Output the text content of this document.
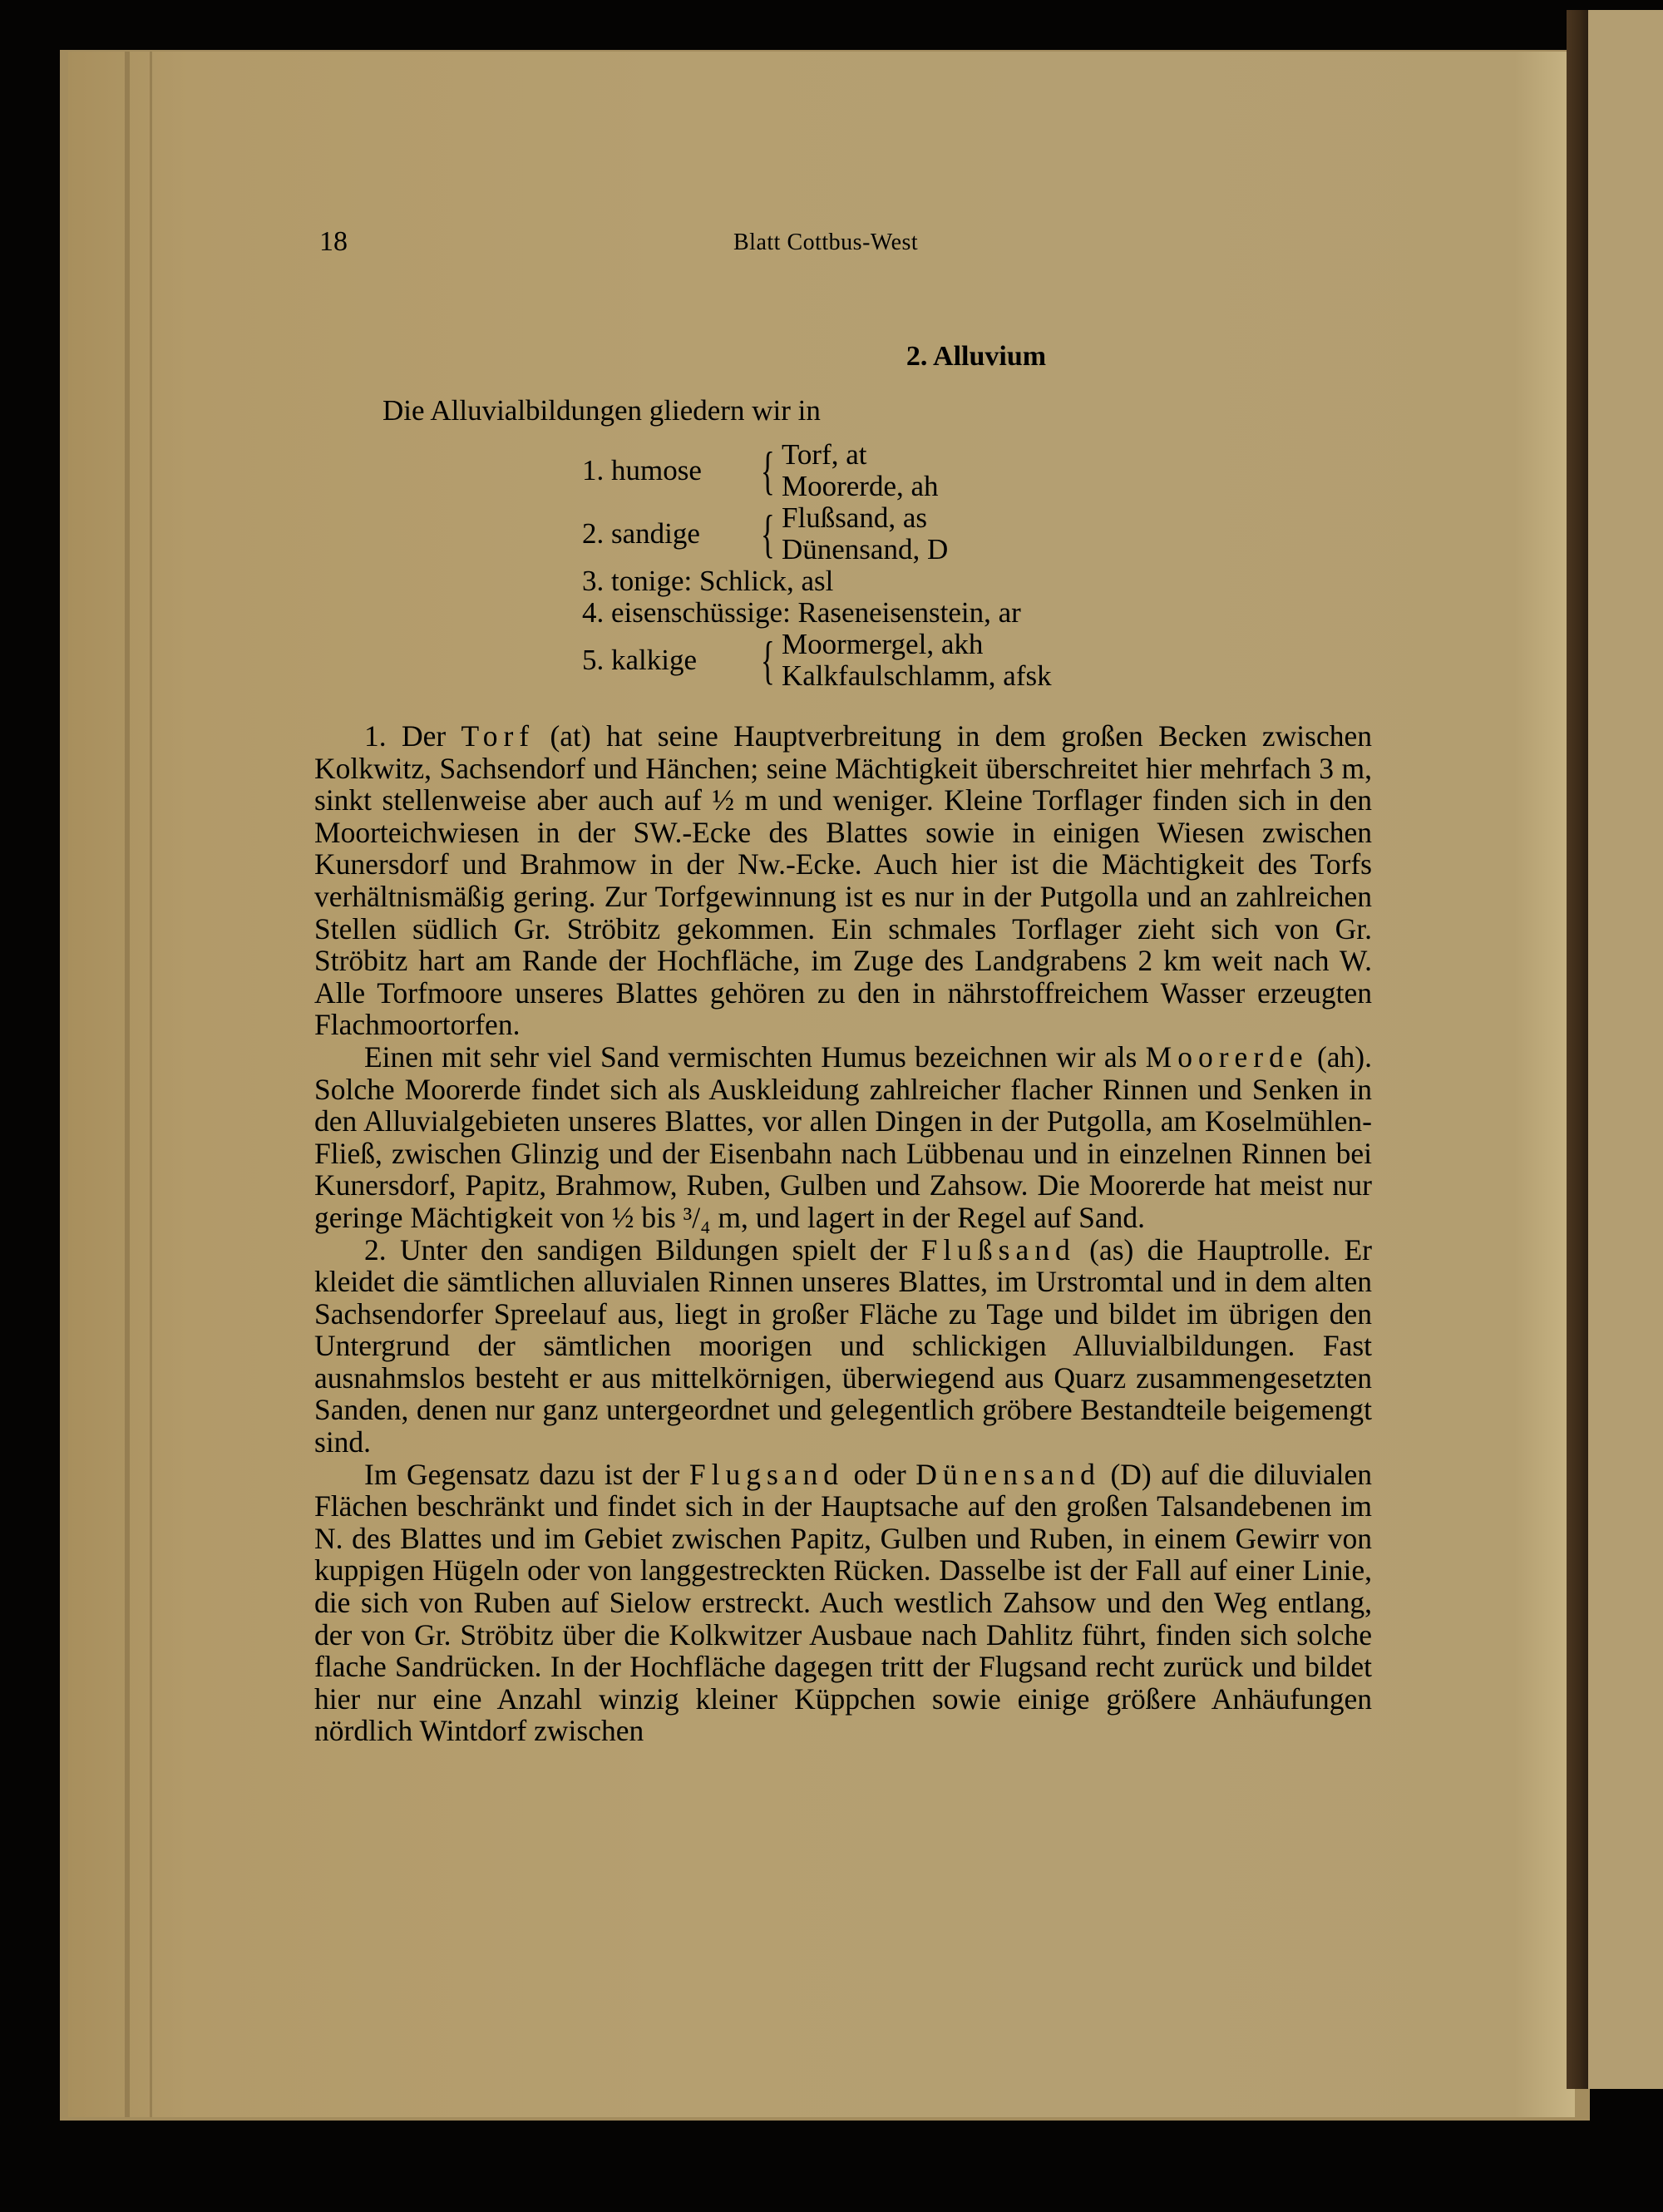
18	Blatt Cottbus-West
2. Alluvium
Die Alluvialbildungen gliedern wir in
1. humose { Torf, at
Moorerde, ah
2. sandige { Flußsand, as
Dünensand, D
3. tonige: Schlick, asl
4. eisenschüssige: Raseneisenstein, ar
5. kalkige { Moormergel, akh
Kalkfaulschlamm, afsk

1. Der Torf (at) hat seine Hauptverbreitung in dem großen Becken zwischen Kolkwitz, Sachsendorf und Hänchen; seine Mächtigkeit überschreitet hier mehrfach 3 m, sinkt stellenweise aber auch auf ½ m und weniger. Kleine Torflager finden sich in den Moorteichwiesen in der SW.-Ecke des Blattes sowie in einigen Wiesen zwischen Kunersdorf und Brahmow in der Nw.-Ecke. Auch hier ist die Mächtigkeit des Torfs verhältnismäßig gering. Zur Torfgewinnung ist es nur in der Putgolla und an zahlreichen Stellen südlich Gr. Ströbitz gekommen. Ein schmales Torflager zieht sich von Gr. Ströbitz hart am Rande der Hochfläche, im Zuge des Landgrabens 2 km weit nach W. Alle Torfmoore unseres Blattes gehören zu den in nährstoffreichem Wasser erzeugten Flachmoortorfen.

Einen mit sehr viel Sand vermischten Humus bezeichnen wir als Moorerde (ah). Solche Moorerde findet sich als Auskleidung zahlreicher flacher Rinnen und Senken in den Alluvialgebieten unseres Blattes, vor allen Dingen in der Putgolla, am Koselmühlen-Fließ, zwischen Glinzig und der Eisenbahn nach Lübbenau und in einzelnen Rinnen bei Kunersdorf, Papitz, Brahmow, Ruben, Gulben und Zahsow. Die Moorerde hat meist nur geringe Mächtigkeit von ½ bis ³/₄ m, und lagert in der Regel auf Sand.

2. Unter den sandigen Bildungen spielt der Flußsand (as) die Hauptrolle. Er kleidet die sämtlichen alluvialen Rinnen unseres Blattes, im Urstromtal und in dem alten Sachsendorfer Spreelauf aus, liegt in großer Fläche zu Tage und bildet im übrigen den Untergrund der sämtlichen moorigen und schlickigen Alluvialbildungen. Fast ausnahmslos besteht er aus mittelkörnigen, überwiegend aus Quarz zusammengesetzten Sanden, denen nur ganz untergeordnet und gelegentlich gröbere Bestandteile beigemengt sind.

Im Gegensatz dazu ist der Flugsand oder Dünensand (D) auf die diluvialen Flächen beschränkt und findet sich in der Hauptsache auf den großen Talsandebenen im N. des Blattes und im Gebiet zwischen Papitz, Gulben und Ruben, in einem Gewirr von kuppigen Hügeln oder von langgestreckten Rücken. Dasselbe ist der Fall auf einer Linie, die sich von Ruben auf Sielow erstreckt. Auch westlich Zahsow und den Weg entlang, der von Gr. Ströbitz über die Kolkwitzer Ausbaue nach Dahlitz führt, finden sich solche flache Sandrücken. In der Hochfläche dagegen tritt der Flugsand recht zurück und bildet hier nur eine Anzahl winzig kleiner Küppchen sowie einige größere Anhäufungen nördlich Wintdorf zwischen
